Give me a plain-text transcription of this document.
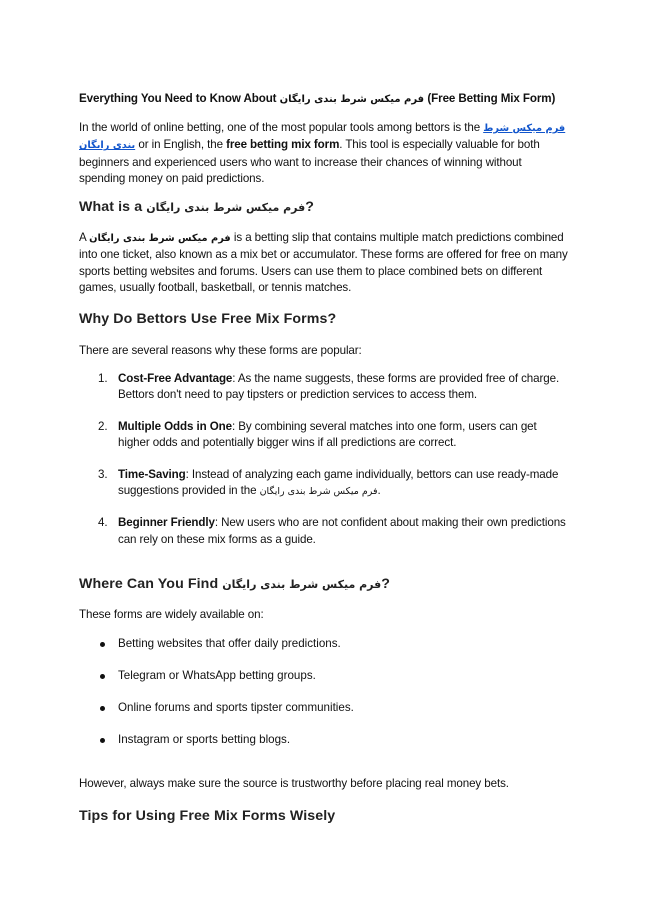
Everything You Need to Know About فرم میکس شرط بندی رایگان (Free Betting Mix Form)

In the world of online betting, one of the most popular tools among bettors is the فرم میکس شرط بندی رایگان or in English, the free betting mix form. This tool is especially valuable for both beginners and experienced users who want to increase their chances of winning without spending money on paid predictions.

What is a فرم میکس شرط بندی رایگان?

A فرم میکس شرط بندی رایگان is a betting slip that contains multiple match predictions combined into one ticket, also known as a mix bet or accumulator. These forms are offered for free on many sports betting websites and forums. Users can use them to place combined bets on different games, usually football, basketball, or tennis matches.

Why Do Bettors Use Free Mix Forms?

There are several reasons why these forms are popular:

1. Cost-Free Advantage: As the name suggests, these forms are provided free of charge. Bettors don't need to pay tipsters or prediction services to access them.
2. Multiple Odds in One: By combining several matches into one form, users can get higher odds and potentially bigger wins if all predictions are correct.
3. Time-Saving: Instead of analyzing each game individually, bettors can use ready-made suggestions provided in the فرم میکس شرط بندی رایگان.
4. Beginner Friendly: New users who are not confident about making their own predictions can rely on these mix forms as a guide.
Where Can You Find فرم میکس شرط بندی رایگان?

These forms are widely available on:

Betting websites that offer daily predictions.
Telegram or WhatsApp betting groups.
Online forums and sports tipster communities.
Instagram or sports betting blogs.

However, always make sure the source is trustworthy before placing real money bets.

Tips for Using Free Mix Forms Wisely
